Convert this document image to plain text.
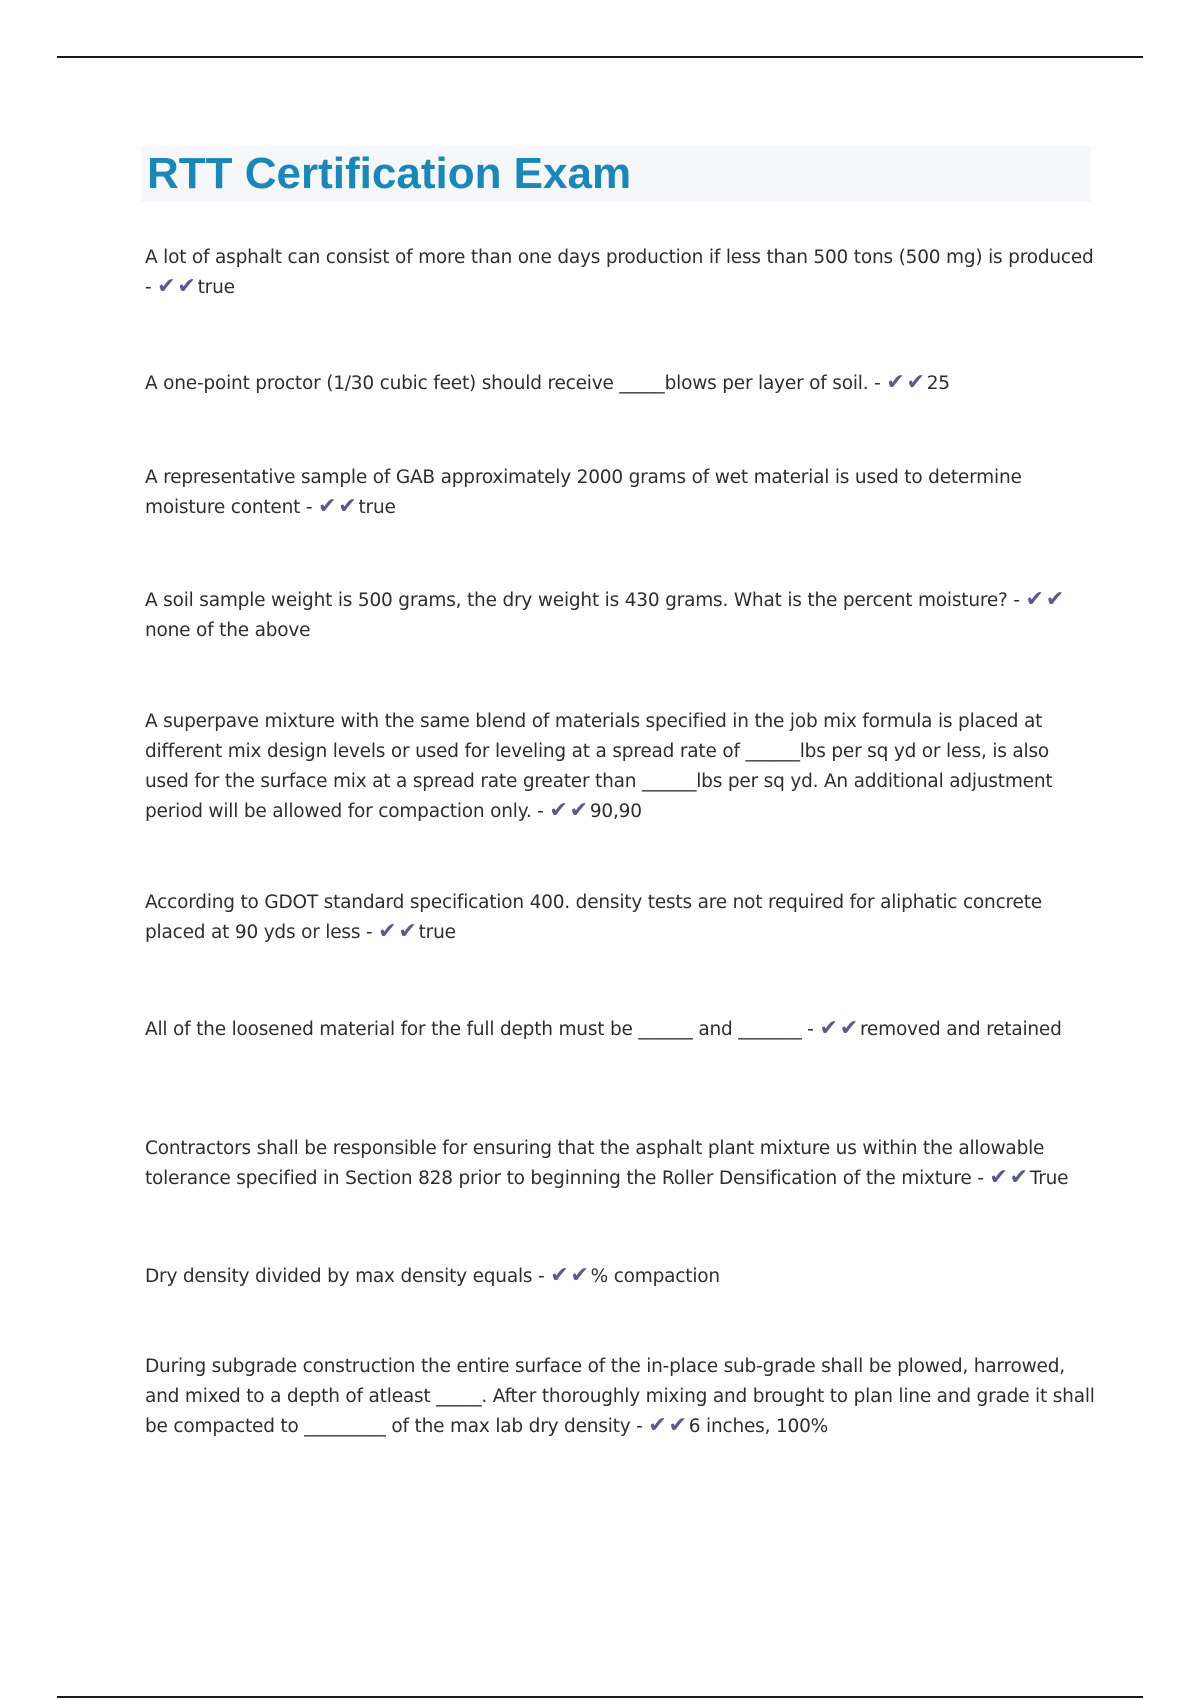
RTT Certification Exam

A lot of asphalt can consist of more than one days production if less than 500 tons (500 mg) is produced - ✔✔ true

A one-point proctor (1/30 cubic feet) should receive _____blows per layer of soil. - ✔✔ 25

A representative sample of GAB approximately 2000 grams of wet material is used to determine moisture content - ✔✔ true

A soil sample weight is 500 grams, the dry weight is 430 grams. What is the percent moisture? - ✔✔none of the above

A superpave mixture with the same blend of materials specified in the job mix formula is placed at different mix design levels or used for leveling at a spread rate of ______lbs per sq yd or less, is also used for the surface mix at a spread rate greater than ______lbs per sq yd. An additional adjustment period will be allowed for compaction only. - ✔✔ 90,90

According to GDOT standard specification 400. density tests are not required for aliphatic concrete placed at 90 yds or less - ✔✔ true

All of the loosened material for the full depth must be ______ and _______ - ✔✔ removed and retained

Contractors shall be responsible for ensuring that the asphalt plant mixture us within the allowable tolerance specified in Section 828 prior to beginning the Roller Densification of the mixture - ✔✔ True

Dry density divided by max density equals - ✔✔ % compaction

During subgrade construction the entire surface of the in-place sub-grade shall be plowed, harrowed, and mixed to a depth of atleast _____. After thoroughly mixing and brought to plan line and grade it shall be compacted to _________ of the max lab dry density - ✔✔ 6 inches, 100%
